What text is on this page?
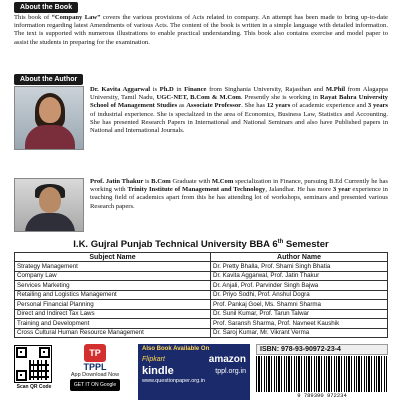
About the Book

This book of “Company Law” covers the various provisions of Acts related to company. An attempt has been made to bring up-to-date information regarding latest Amendments of various Acts. The content of the book is written in a simple language with detailed information. The text is supported with numerous illustrations to enable practical understanding. This book also contains exercise and model paper to assist the students in preparing for the examination.

About the Author

Dr. Kavita Aggarwal is Ph.D in Finance from Singhania University, Rajasthan and M.Phil from Alagappa University, Tamil Nadu, UGC-NET, B.Com & M.Com. Presently she is working in Rayat Bahra University School of Management Studies as Associate Professor. She has 12 years of academic experience and 3 years of industrial experience. She is specialized in the area of Economics, Business Law, Statistics and Accounting. She has presented Research Papers in International and National Seminars and also have Published papers in National and International Journals.

Prof. Jatin Thakur is B.Com Graduate with M.Com specialization in Finance, pursuing B.Ed Currently he has working with Trinity Institute of Management and Technology, Jalandhar. He has more 3 year experience in teaching field of academics apart from this he has attending lot of workshops, seminars and presented various Research papers.

I.K. Gujral Punjab Technical University BBA 6th Semester
Subject Name	Author Name
Strategy Management	Dr. Pretty Bhalla, Prof. Shami Singh Bhatia
Company Law	Dr. Kavita Aggarwal, Prof. Jatin Thakur
Services Marketing	Dr. Anjali, Prof. Parvinder Singh Bajwa
Retailing and Logistics Management	Dr. Priyo Sodhi, Prof. Anshul Dogra
Personal Financial Planning	Prof. Pankaj Goel, Ms. Shamni Sharma
Direct and Indirect Tax Laws	Dr. Sunil Kumar, Prof. Tarun Talwar
Training and Development	Prof. Saransh Sharma, Prof. Navneet Kaushik
Cross Cultural Human Resource Management	Dr. Saroj Kumar, Mr. Vikrant Verma
Scan QR Code
TP
TPPL
App Download Now
GET IT ON Google Play
Also Book Available On
Flipkart	amazon
kindle	tppl.org.in
www.questionpaper.org.in
ISBN: 978-93-90972-23-4
9 789390 972234
